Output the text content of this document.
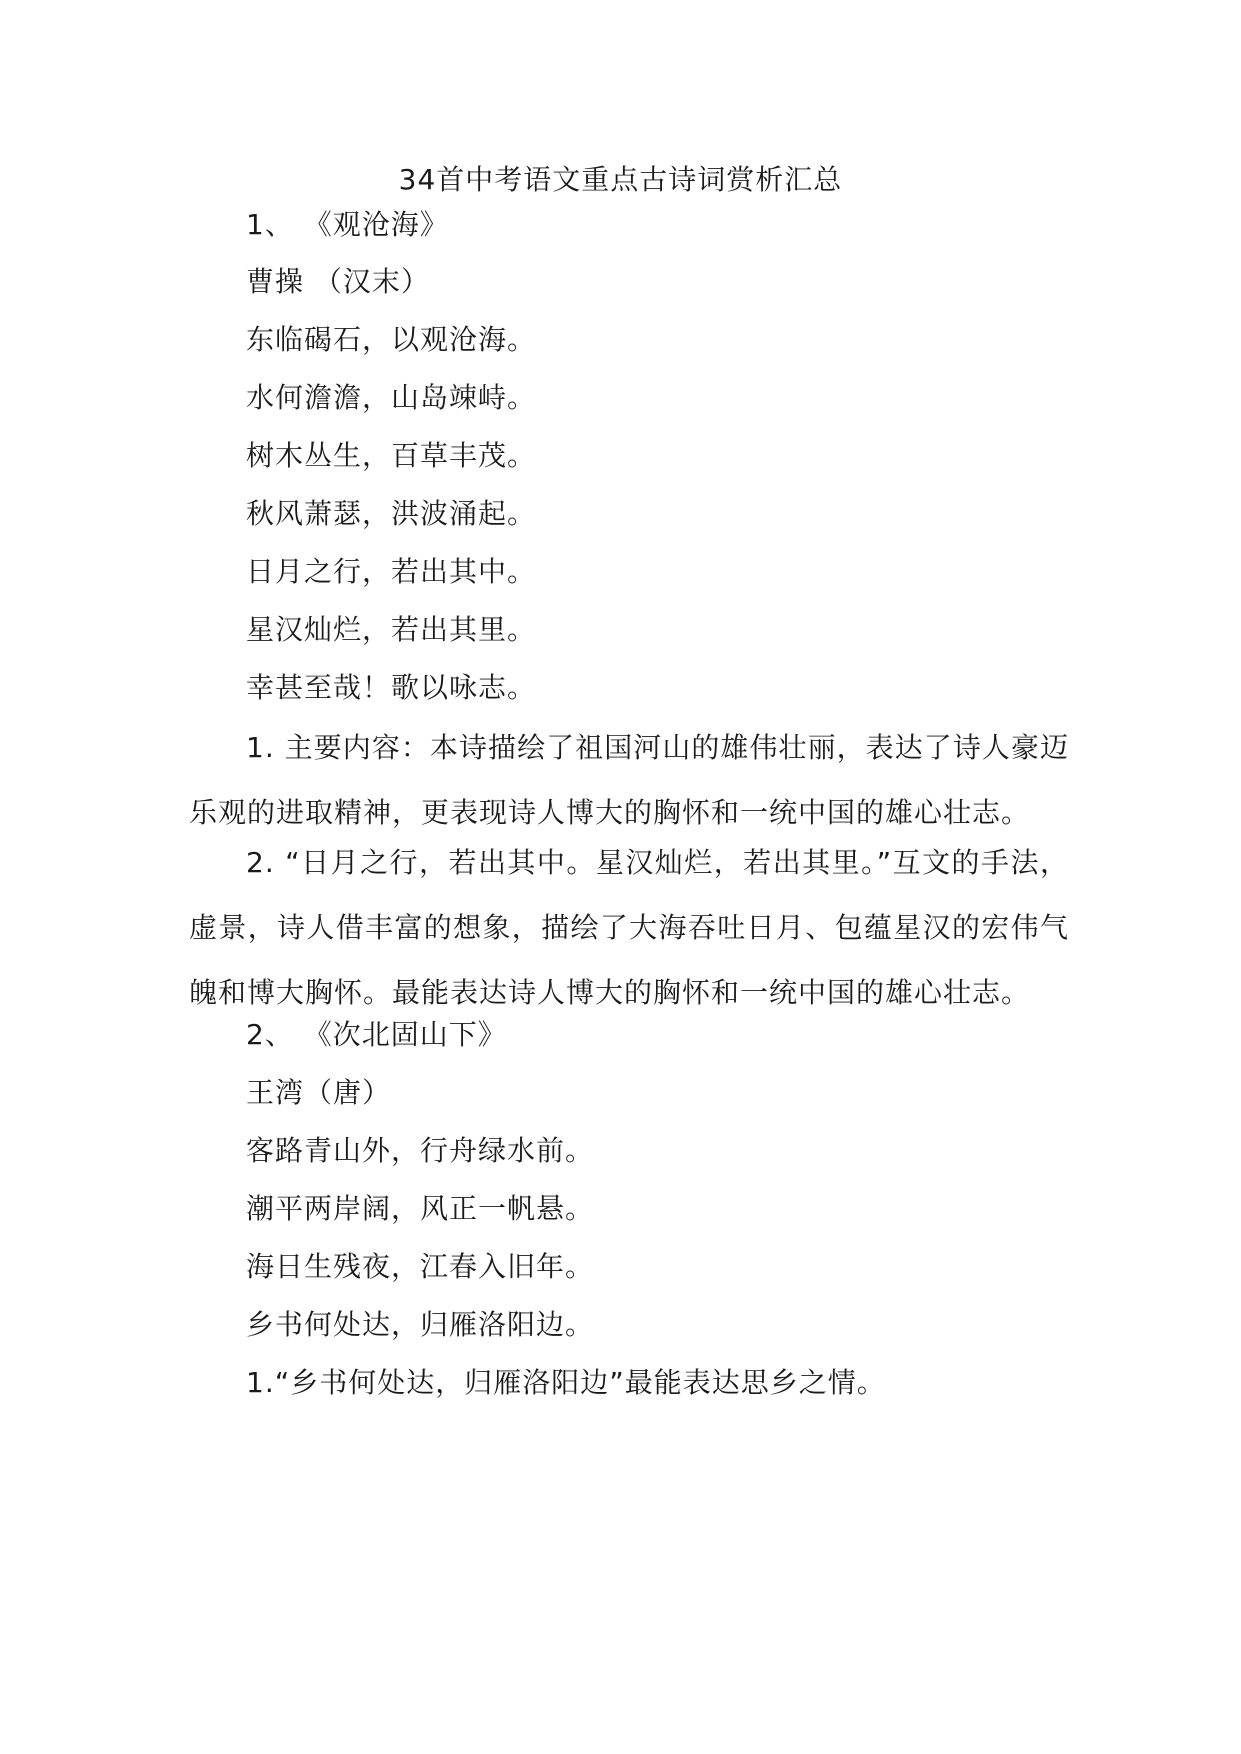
34首中考语文重点古诗词赏析汇总
1、 《观沧海》
曹操 （汉末）
东临碣石，以观沧海。
水何澹澹，山岛竦峙。
树木丛生，百草丰茂。
秋风萧瑟，洪波涌起。
日月之行，若出其中。
星汉灿烂，若出其里。
幸甚至哉！歌以咏志。
1. 主要内容：本诗描绘了祖国河山的雄伟壮丽，表达了诗人豪迈乐观的进取精神，更表现诗人博大的胸怀和一统中国的雄心壮志。
2. “日月之行，若出其中。星汉灿烂，若出其里。”互文的手法，虚景，诗人借丰富的想象，描绘了大海吞吐日月、包蕴星汉的宏伟气魄和博大胸怀。最能表达诗人博大的胸怀和一统中国的雄心壮志。
2、 《次北固山下》
王湾（唐）
客路青山外，行舟绿水前。
潮平两岸阔，风正一帆悬。
海日生残夜，江春入旧年。
乡书何处达，归雁洛阳边。
1.“乡书何处达，归雁洛阳边”最能表达思乡之情。
